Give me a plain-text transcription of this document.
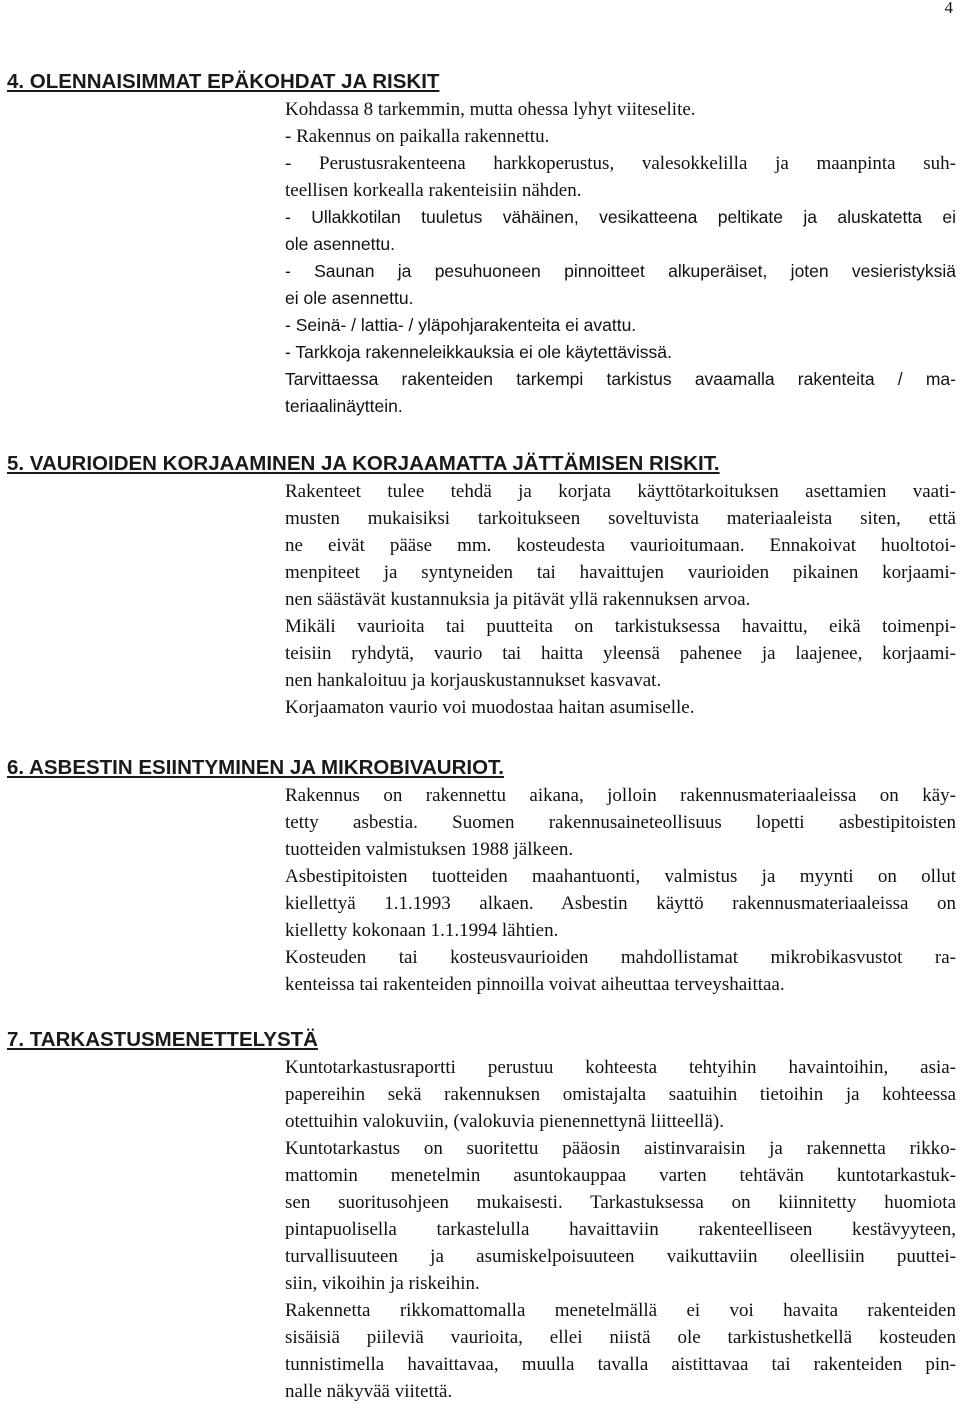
4
4. OLENNAISIMMAT EPÄKOHDAT JA RISKIT
Kohdassa 8 tarkemmin, mutta ohessa lyhyt viiteselite.
- Rakennus on paikalla rakennettu.
- Perustusrakenteena harkkoperustus, valesokkelilla ja maanpinta suh-
teellisen korkealla rakenteisiin nähden.
- Ullakkotilan tuuletus vähäinen, vesikatteena peltikate ja aluskatetta ei
ole asennettu.
- Saunan ja pesuhuoneen pinnoitteet alkuperäiset, joten vesieristyksiä
ei ole asennettu.
- Seinä- / lattia- / yläpohjarakenteita ei avattu.
- Tarkkoja rakenneleikkauksia ei ole käytettävissä.
Tarvittaessa rakenteiden tarkempi tarkistus avaamalla rakenteita / ma-
teriaalinäyttein.
5. VAURIOIDEN KORJAAMINEN JA KORJAAMATTA JÄTTÄMISEN RISKIT.
Rakenteet tulee tehdä ja korjata käyttötarkoituksen asettamien vaati-
musten mukaisiksi tarkoitukseen soveltuvista materiaaleista siten, että
ne eivät pääse mm. kosteudesta vaurioitumaan. Ennakoivat huoltotoi-
menpiteet ja syntyneiden tai havaittujen vaurioiden pikainen korjaami-
nen säästävät kustannuksia ja pitävät yllä rakennuksen arvoa.
Mikäli vaurioita tai puutteita on tarkistuksessa havaittu, eikä toimenpi-
teisiin ryhdytä, vaurio tai haitta yleensä pahenee ja laajenee, korjaami-
nen hankaloituu ja korjauskustannukset kasvavat.
Korjaamaton vaurio voi muodostaa haitan asumiselle.
6. ASBESTIN ESIINTYMINEN JA MIKROBIVAURIOT.
Rakennus on rakennettu aikana, jolloin rakennusmateriaaleissa on käy-
tetty asbestia. Suomen rakennusaineteollisuus lopetti asbestipitoisten
tuotteiden valmistuksen 1988 jälkeen.
Asbestipitoisten tuotteiden maahantuonti, valmistus ja myynti on ollut
kiellettyä 1.1.1993 alkaen. Asbestin käyttö rakennusmateriaaleissa on
kielletty kokonaan 1.1.1994 lähtien.
Kosteuden tai kosteusvaurioiden mahdollistamat mikrobikasvustot ra-
kenteissa tai rakenteiden pinnoilla voivat aiheuttaa terveyshaittaa.
7. TARKASTUSMENETTELYSTÄ
Kuntotarkastusraportti perustuu kohteesta tehtyihin havaintoihin, asia-
papereihin sekä rakennuksen omistajalta saatuihin tietoihin ja kohteessa
otettuihin valokuviin, (valokuvia pienennettynä liitteellä).
Kuntotarkastus on suoritettu pääosin aistinvaraisin ja rakennetta rikko-
mattomin menetelmin asuntokauppaa varten tehtävän kuntotarkastuk-
sen suoritusohjeen mukaisesti. Tarkastuksessa on kiinnitetty huomiota
pintapuolisella tarkastelulla havaittaviin rakenteelliseen kestävyyteen,
turvallisuuteen ja asumiskelpoisuuteen vaikuttaviin oleellisiin puuttei-
siin, vikoihin ja riskeihin.
Rakennetta rikkomattomalla menetelmällä ei voi havaita rakenteiden
sisäisiä piileviä vaurioita, ellei niistä ole tarkistushetkellä kosteuden
tunnistimella havaittavaa, muulla tavalla aistittavaa tai rakenteiden pin-
nalle näkyvää viitettä.
